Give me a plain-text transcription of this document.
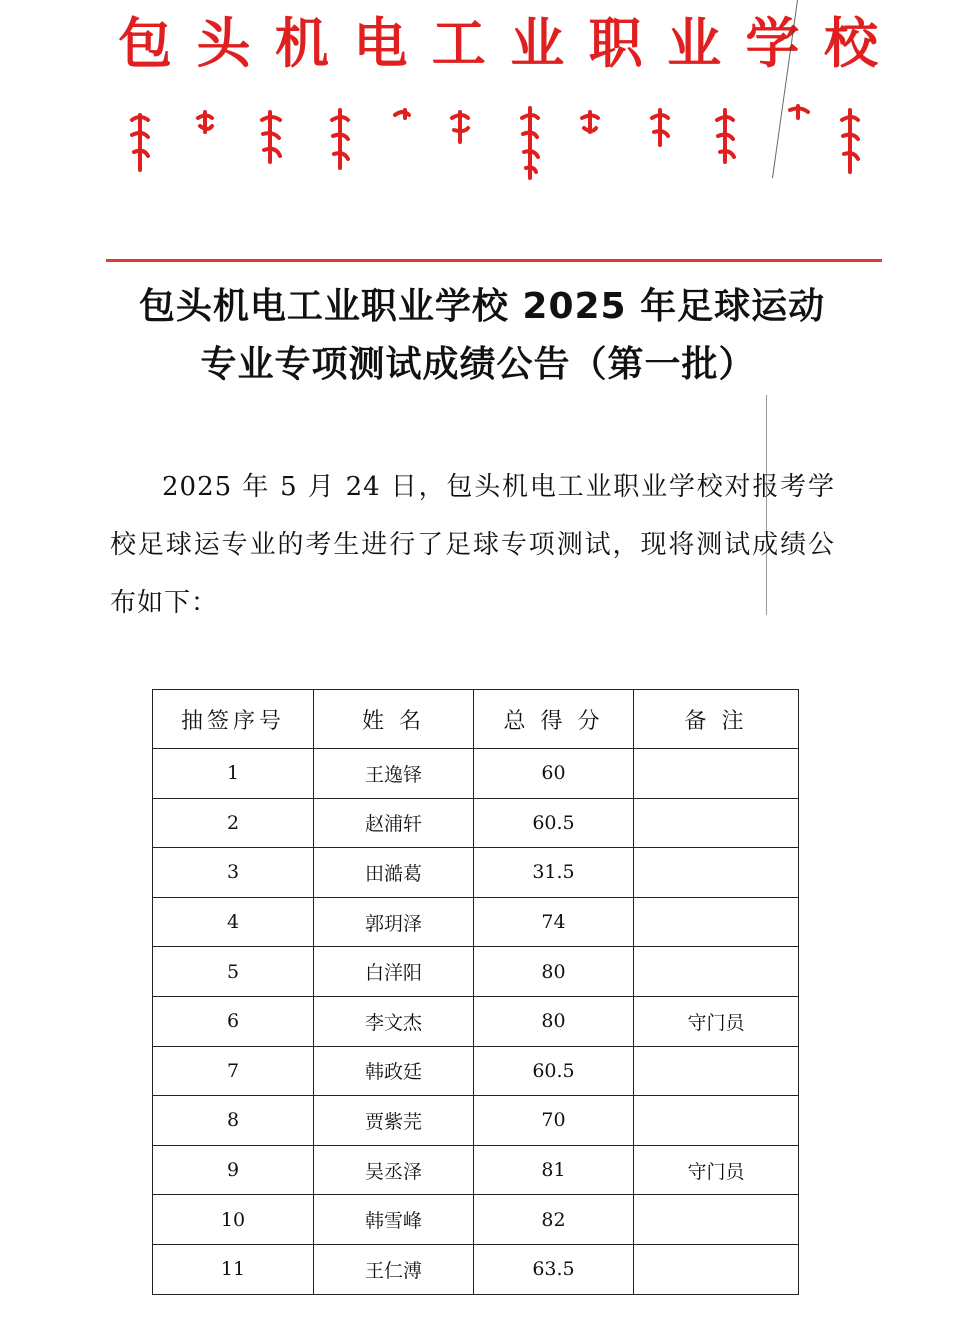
包 头 机 电 工 业 职 业 学 校
包头机电工业职业学校 2025 年足球运动
专业专项测试成绩公告（第一批）
2025 年 5 月 24 日，包头机电工业职业学校对报考学校足球运专业的考生进行了足球专项测试，现将测试成绩公布如下：
抽签序号	姓 名	总 得 分	备 注
1	王逸铎	60	
2	赵浦轩	60.5	
3	田澔葛	31.5	
4	郭玥泽	74	
5	白洋阳	80	
6	李文杰	80	守门员
7	韩政廷	60.5	
8	贾紫芫	70	
9	吴丞泽	81	守门员
10	韩雪峰	82	
11	王仁溥	63.5	
